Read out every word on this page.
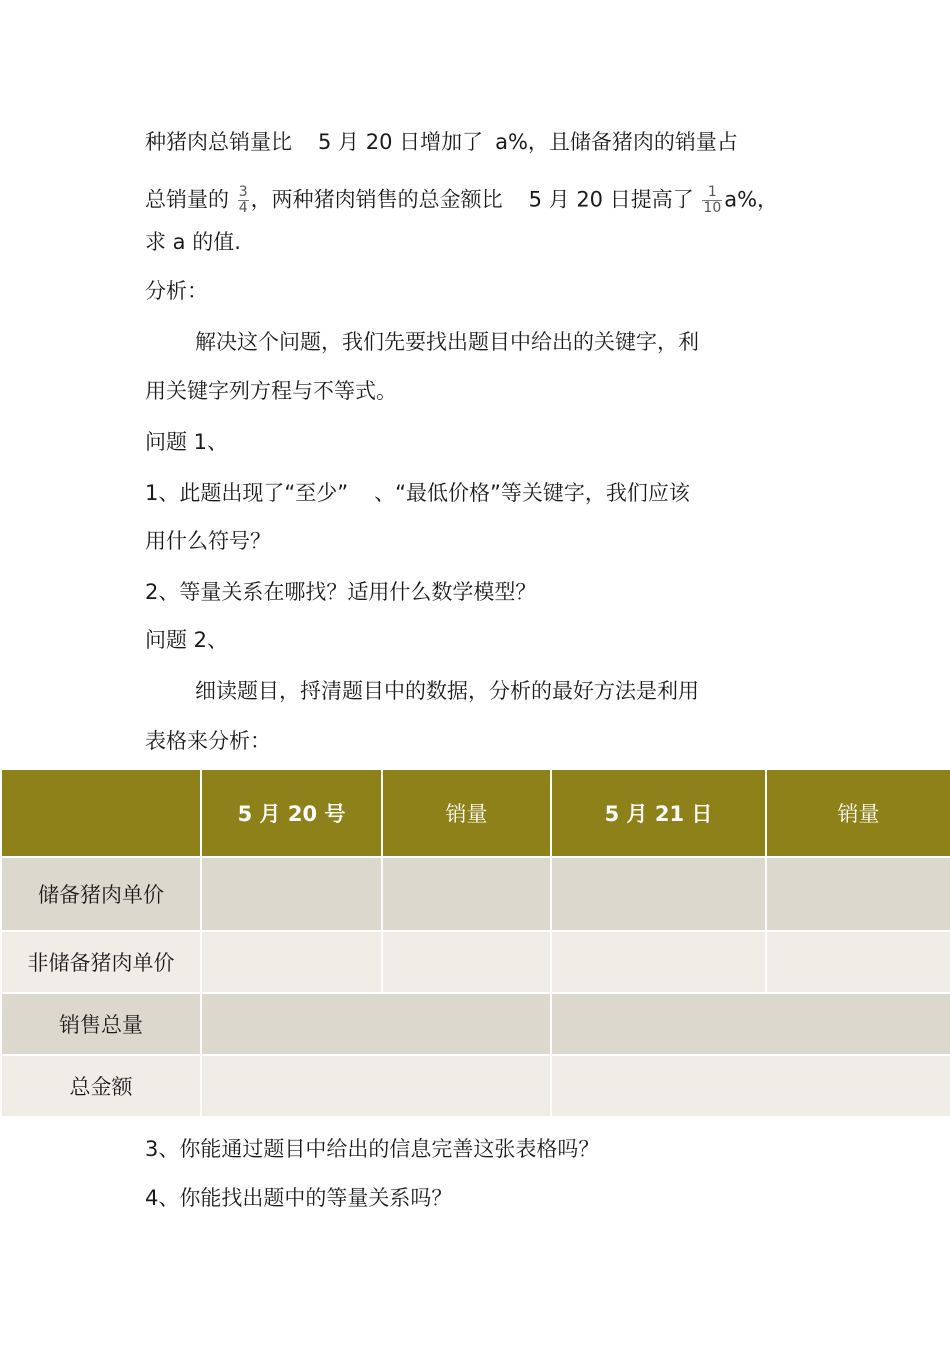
种猪肉总销量比 5 月 20 日增加了 a%，且储备猪肉的销量占
总销量的 $\frac{3}{4}$ ，两种猪肉销售的总金额比 5 月 20 日提高了 $\frac{1}{10} a\%$，
求 a 的值.
分析：
解决这个问题，我们先要找出题目中给出的关键字，利
用关键字列方程与不等式。
问题 1、
1、此题出现了“至少” 、“最低价格”等关键字，我们应该
用什么符号？
2、等量关系在哪找？适用什么数学模型？
问题 2、
细读题目，捋清题目中的数据，分析的最好方法是利用
表格来分析：
	5 月 20 号	销量	5 月 21 日	销量
储备猪肉单价				
非储备猪肉单价				
销售总量				
总金额				
3、你能通过题目中给出的信息完善这张表格吗？
4、你能找出题中的等量关系吗？
